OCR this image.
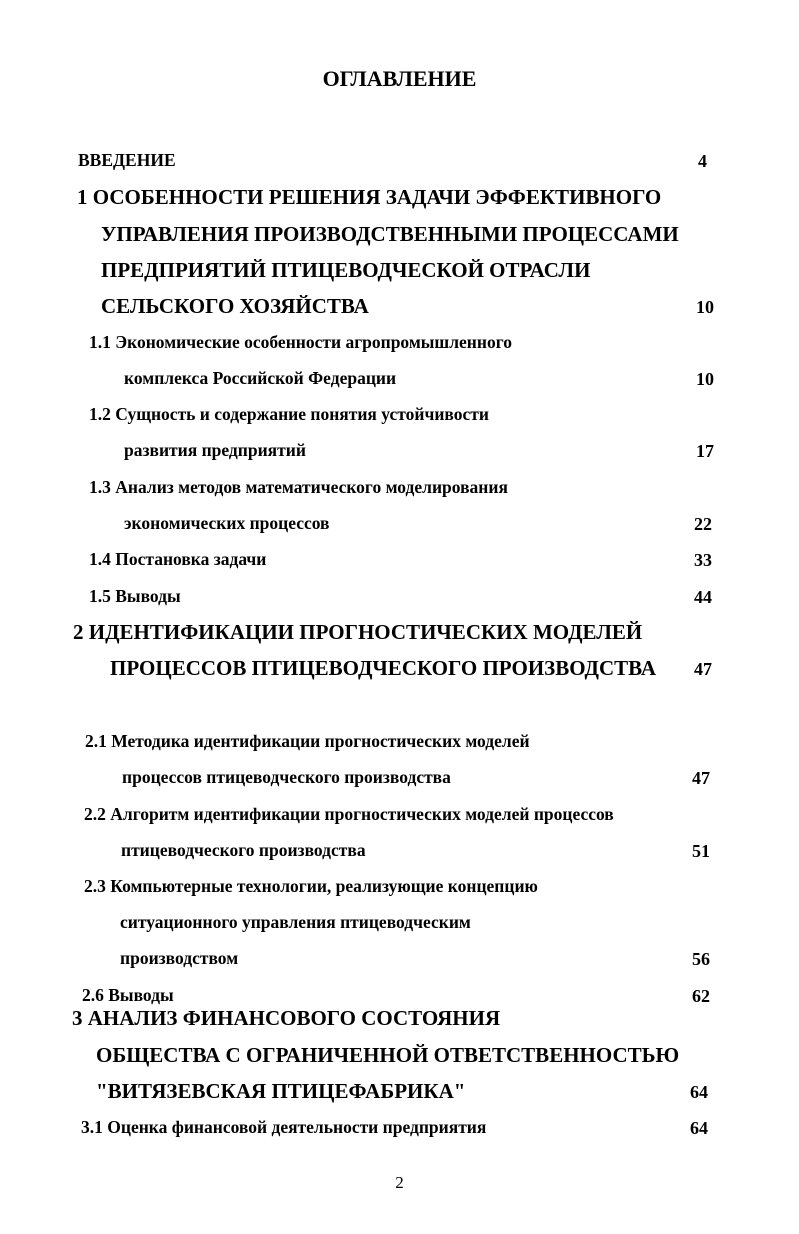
ОГЛАВЛЕНИЕ
ВВЕДЕНИЕ	4
1 ОСОБЕННОСТИ РЕШЕНИЯ ЗАДАЧИ ЭФФЕКТИВНОГО
УПРАВЛЕНИЯ ПРОИЗВОДСТВЕННЫМИ ПРОЦЕССАМИ
ПРЕДПРИЯТИЙ ПТИЦЕВОДЧЕСКОЙ ОТРАСЛИ
СЕЛЬСКОГО ХОЗЯЙСТВА	10
1.1 Экономические особенности агропромышленного
комплекса Российской Федерации	10
1.2 Сущность и содержание понятия устойчивости
развития предприятий	17
1.3 Анализ методов математического моделирования
экономических процессов	22
1.4 Постановка задачи	33
1.5 Выводы	44
2 ИДЕНТИФИКАЦИИ ПРОГНОСТИЧЕСКИХ МОДЕЛЕЙ
ПРОЦЕССОВ ПТИЦЕВОДЧЕСКОГО ПРОИЗВОДСТВА 47
2.1 Методика идентификации прогностических моделей
процессов птицеводческого производства	47
2.2 Алгоритм идентификации прогностических моделей процессов
птицеводческого производства	51
2.3 Компьютерные технологии, реализующие концепцию
ситуационного управления птицеводческим
производством	56
2.6 Выводы	62
3 АНАЛИЗ ФИНАНСОВОГО СОСТОЯНИЯ
ОБЩЕСТВА С ОГРАНИЧЕННОЙ ОТВЕТСТВЕННОСТЬЮ
"ВИТЯЗЕВСКАЯ ПТИЦЕФАБРИКА"	64
3.1 Оценка финансовой деятельности предприятия	64
2
